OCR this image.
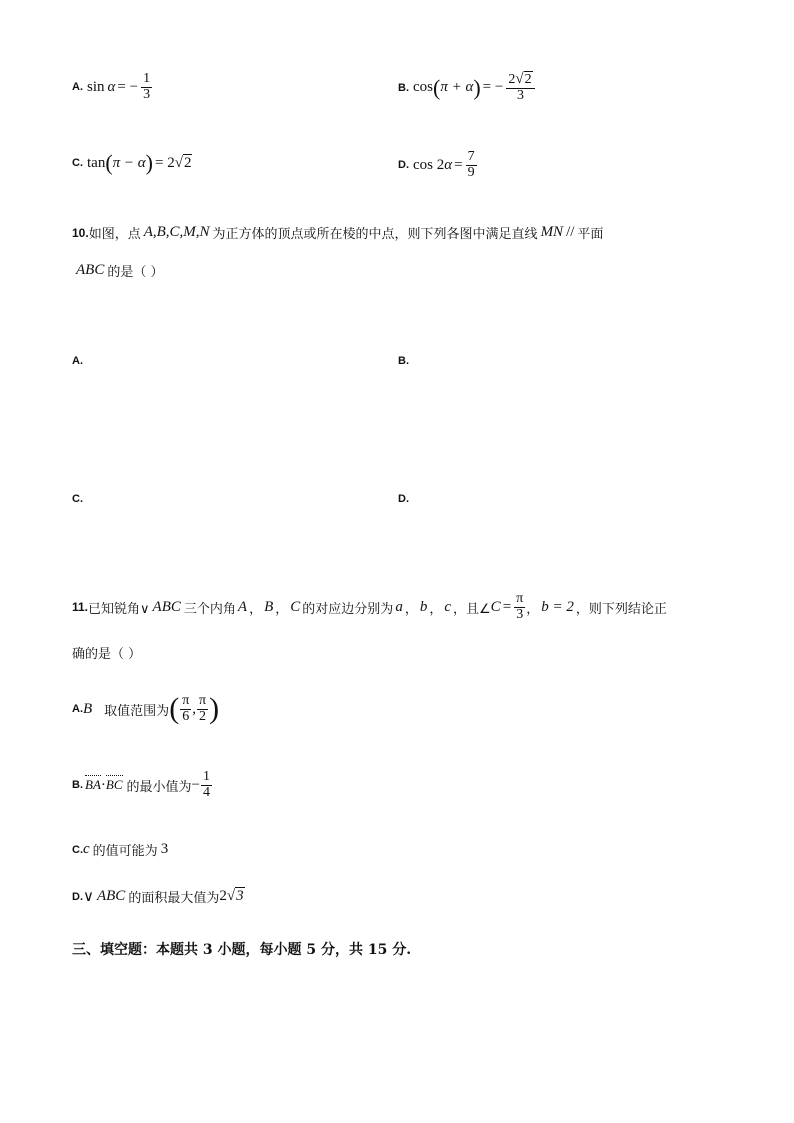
A. sin α = − $\frac{1}{3}$	B. cos ( π + α ) = − $\frac{2√2}{3}$
C. tan ( π − α ) = 2 √2	D. cos 2 $\alpha = \frac{7}{9}$
10. 如图，点 A,B,C,M,N 为正方体的顶点或所在棱的中点，则下列各图中满足直线 MN // 平面
ABC 的是（ ）
A.	B.
C.	D.
11. 已知锐角∨ ABC 三个内角 A ， B ， C 的对应边分别为 a ， b ， c ，且∠ $C = \frac{\pi}{3}$ ， b = 2 ，则下列结论正
确的是（ ）
A. B 取值范围为 ( $\frac{\pi}{6}$ , $\frac{\pi}{2}$ )
B. BA · BC 的最小值为 − $\frac{1}{4}$
C. c 的值可能为 3
D. ∨ ABC 的面积最大值为 2 √3
三、填空题：本题共 3 小题，每小题 5 分，共 15 分.
